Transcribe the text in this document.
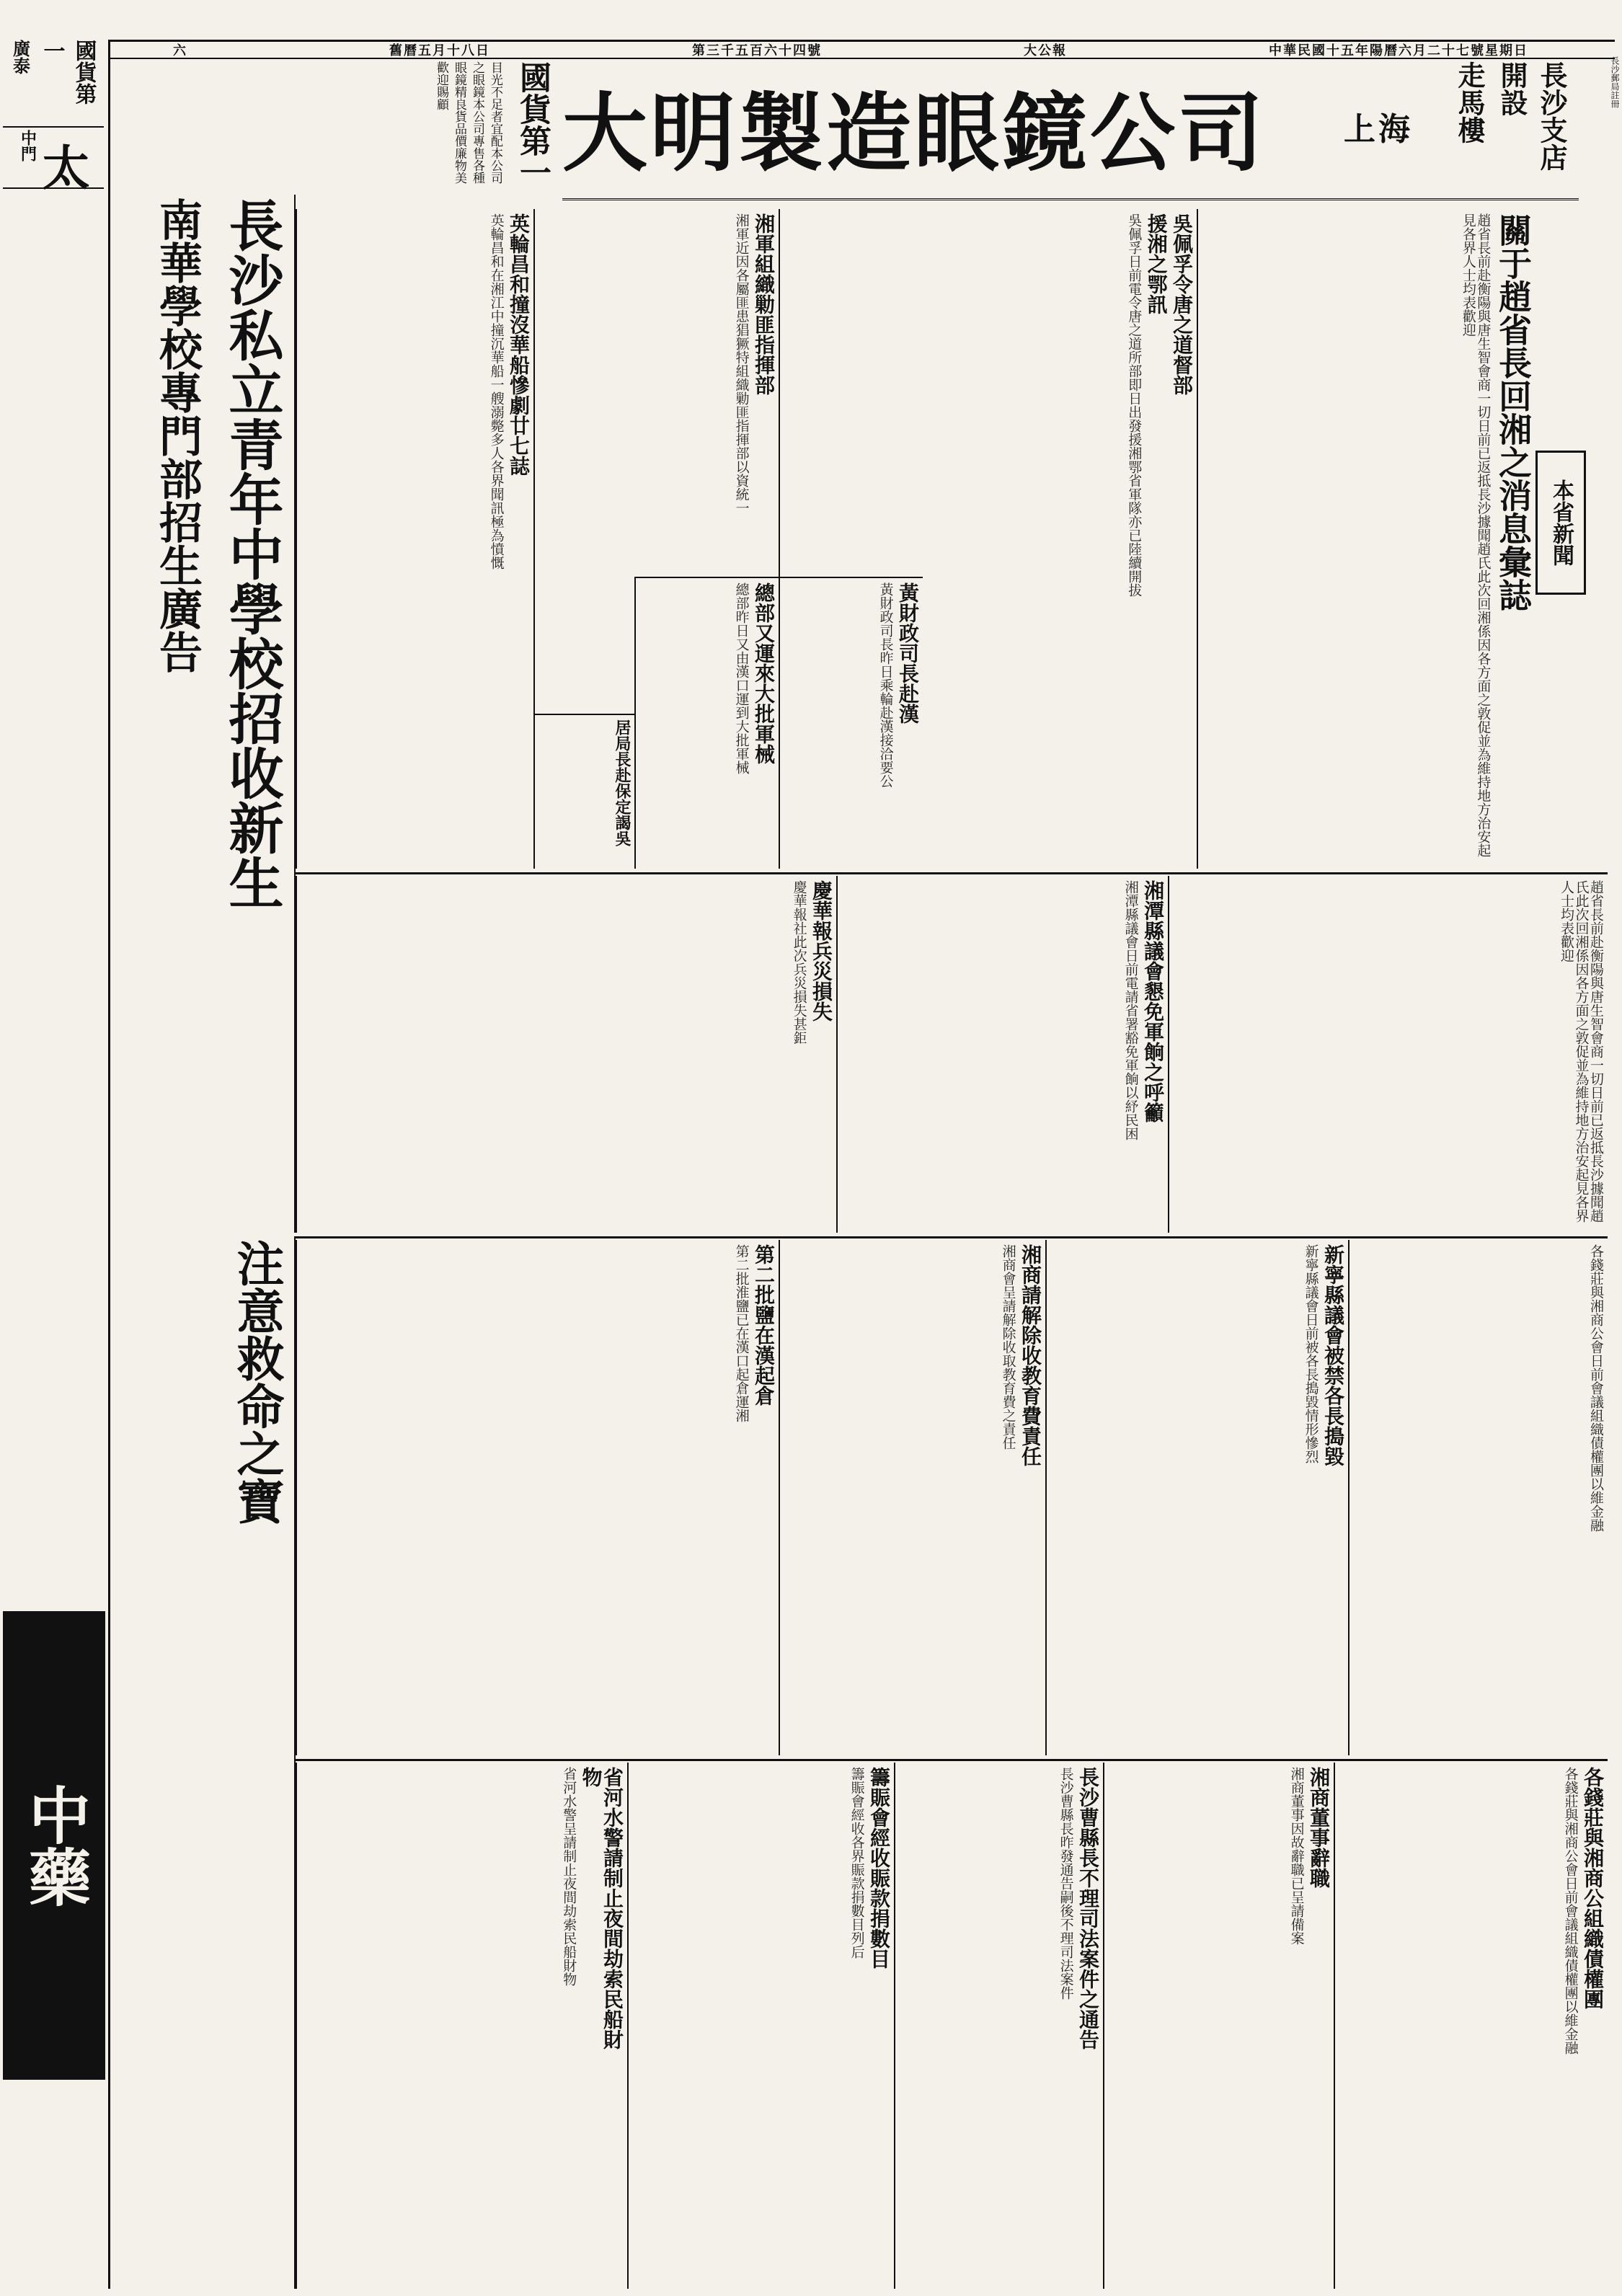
中華民國十五年陽曆六月二十七號星期日
大公報
第三千五百六十四號
舊曆五月十八日
六
長沙郵局註冊
上海
大明製造眼鏡公司	長沙支店開設
走馬樓
國貨第一
目光不足者宜配本公司之眼鏡本公司專售各種眼鏡精良貨品價廉物美歡迎賜顧
國貨第一
廣泰
太
中門
中藥
長沙私立青年中學校招收新生
南華學校專門部招生廣告
注意救命之寶
本省新聞
關于趙省長回湘之消息彙誌
趙省長前赴衡陽與唐生智會商一切日前已返抵長沙據聞趙氏此次回湘係因各方面之敦促並為維持地方治安起見各界人士均表歡迎
吳佩孚令唐之道督部
援湘之鄂訊
吳佩孚日前電令唐之道所部即日出發援湘鄂省軍隊亦已陸續開拔
湘軍組織勦匪指揮部
湘軍近因各屬匪患猖獗特組織勦匪指揮部以資統一
英輪昌和撞沒華船慘劇廿七誌
英輪昌和在湘江中撞沉華船一艘溺斃多人各界聞訊極為憤慨
黃財政司長赴漢
黃財政司長昨日乘輪赴漢接洽要公
總部又運來大批軍械
總部昨日又由漢口運到大批軍械
居局長赴保定謁吳
趙省長前赴衡陽與唐生智會商一切日前已返抵長沙據聞趙氏此次回湘係因各方面之敦促並為維持地方治安起見各界人士均表歡迎
湘潭縣議會懇免軍餉之呼籲
湘潭縣議會日前電請省署豁免軍餉以紓民困
慶華報兵災損失
慶華報社此次兵災損失甚鉅
各錢莊與湘商公會日前會議組織債權團以維金融
新寧縣議會被禁各長搗毀
新寧縣議會日前被各長搗毀情形慘烈
湘商請解除收教育費責任
湘商會呈請解除收取教育費之責任
第二批鹽在漢起倉
第二批淮鹽已在漢口起倉運湘
各錢莊與湘商公組織債權團
各錢莊與湘商公會日前會議組織債權團以維金融
湘商董事辭職
湘商董事因故辭職已呈請備案
長沙曹縣長不理司法案件之通告
長沙曹縣長昨發通告嗣後不理司法案件
籌賑會經收賑款捐數目
籌賑會經收各界賑款捐數目列后
省河水警請制止夜間劫索民船財物
省河水警呈請制止夜間劫索民船財物
